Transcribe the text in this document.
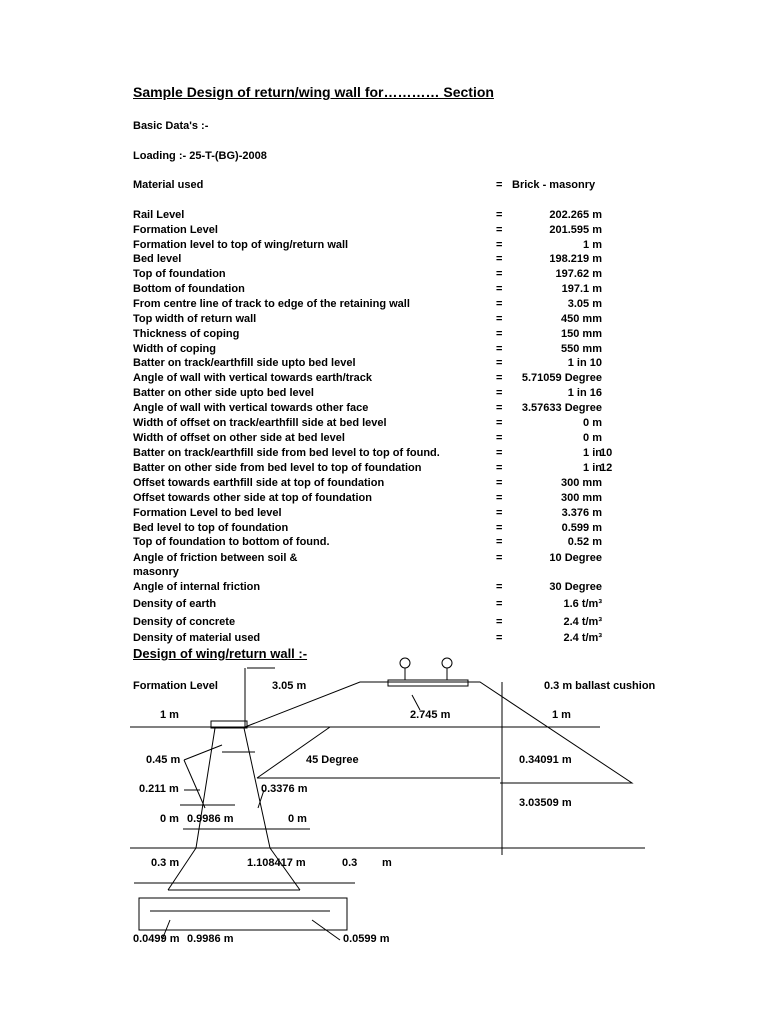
Sample Design of return/wing wall for………… Section
Basic Data's :-
Loading :- 25-T-(BG)-2008
Material used	= Brick - masonry
Rail Level	=	202.265 m
Formation Level	=	201.595 m
Formation level to top of wing/return wall	=	1 m
Bed level	=	198.219 m
Top of foundation	=	197.62 m
Bottom of foundation	=	197.1 m
From centre line of track to edge of the retaining wall	=	3.05 m
Top width of return wall	=	450 mm
Thickness of coping	=	150 mm
Width of coping	=	550 mm
Batter on track/earthfill side upto bed level	=	1 in 10
Angle of wall with vertical towards earth/track	=	5.71059 Degree
Batter on other side upto bed level	=	1 in 16
Angle of wall with vertical towards other face	=	3.57633 Degree
Width of offset on track/earthfill side at bed level	=	0 m
Width of offset on other side at bed level	=	0 m
Batter on track/earthfill side from bed level to top of found.	=	1 in
10
Batter on other side from bed level to top of foundation	=	1 in
12
Offset towards earthfill side at top of foundation	=	300 mm
Offset towards other side at top of foundation	=	300 mm
Formation Level to bed level	=	3.376 m
Bed level to top of foundation	=	0.599 m
Top of foundation to bottom of found.	=	0.52 m
Angle of friction between soil &
masonry
=	10 Degree
Angle of internal friction	=	30 Degree
Density of earth	=	1.6 t/m³
Density of concrete	=	2.4 t/m³
Density of material used	=	2.4 t/m³
Design of wing/return wall :-
Formation Level	3.05 m	0.3 m ballast cushion
1 m	2.745 m	1 m
0.45 m	45 Degree	0.34091 m
0.211 m	0.3376 m
3.03509 m
0 m 0.9986 m	0 m
0.3 m	1.108417 m	0.3 m
0.0499 m 0.9986 m	0.0599 m
